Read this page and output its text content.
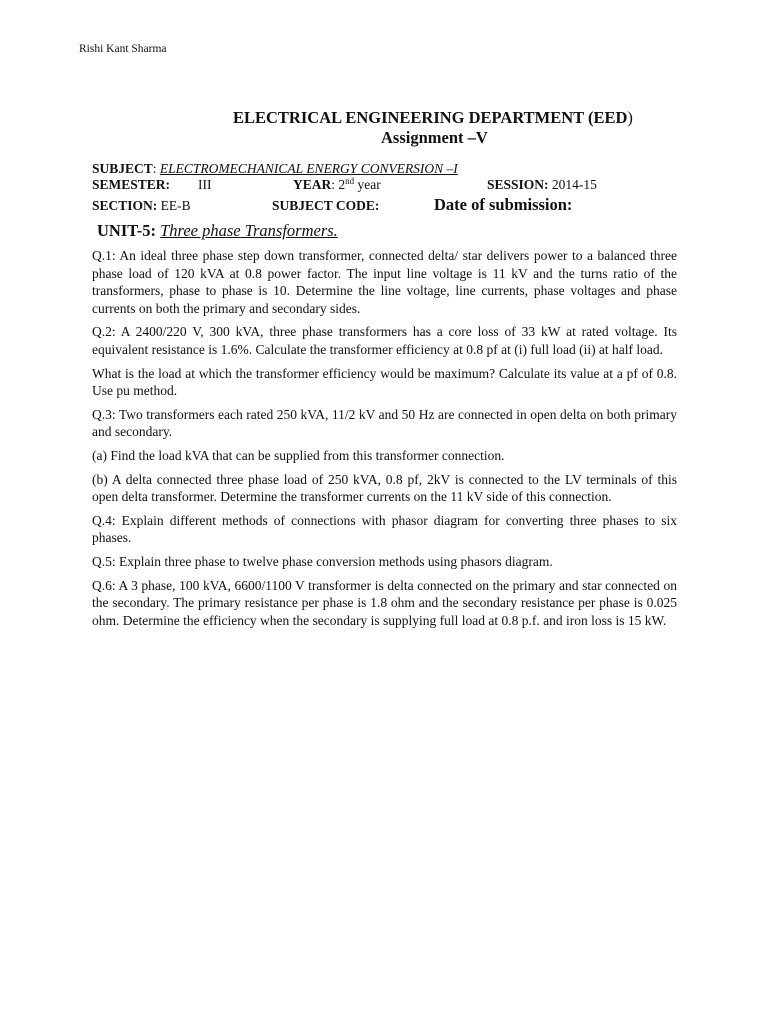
Rishi Kant Sharma
ELECTRICAL ENGINEERING DEPARTMENT (EED)
Assignment –V
SUBJECT: ELECTROMECHANICAL ENERGY CONVERSION –I
SEMESTER: III	YEAR: 2nd year	SESSION: 2014-15
SECTION: EE-B	SUBJECT CODE:	Date of submission:
UNIT-5: Three phase Transformers.

Q.1: An ideal three phase step down transformer, connected delta/ star delivers power to a balanced three phase load of 120 kVA at 0.8 power factor. The input line voltage is 11 kV and the turns ratio of the transformers, phase to phase is 10. Determine the line voltage, line currents, phase voltages and phase currents on both the primary and secondary sides.

Q.2: A 2400/220 V, 300 kVA, three phase transformers has a core loss of 33 kW at rated voltage. Its equivalent resistance is 1.6%. Calculate the transformer efficiency at 0.8 pf at (i) full load (ii) at half load.

What is the load at which the transformer efficiency would be maximum? Calculate its value at a pf of 0.8. Use pu method.

Q.3: Two transformers each rated 250 kVA, 11/2 kV and 50 Hz are connected in open delta on both primary and secondary.

(a) Find the load kVA that can be supplied from this transformer connection.

(b) A delta connected three phase load of 250 kVA, 0.8 pf, 2kV is connected to the LV terminals of this open delta transformer. Determine the transformer currents on the 11 kV side of this connection.

Q.4: Explain different methods of connections with phasor diagram for converting three phases to six phases.

Q.5: Explain three phase to twelve phase conversion methods using phasors diagram.

Q.6: A 3 phase, 100 kVA, 6600/1100 V transformer is delta connected on the primary and star connected on the secondary. The primary resistance per phase is 1.8 ohm and the secondary resistance per phase is 0.025 ohm. Determine the efficiency when the secondary is supplying full load at 0.8 p.f. and iron loss is 15 kW.
